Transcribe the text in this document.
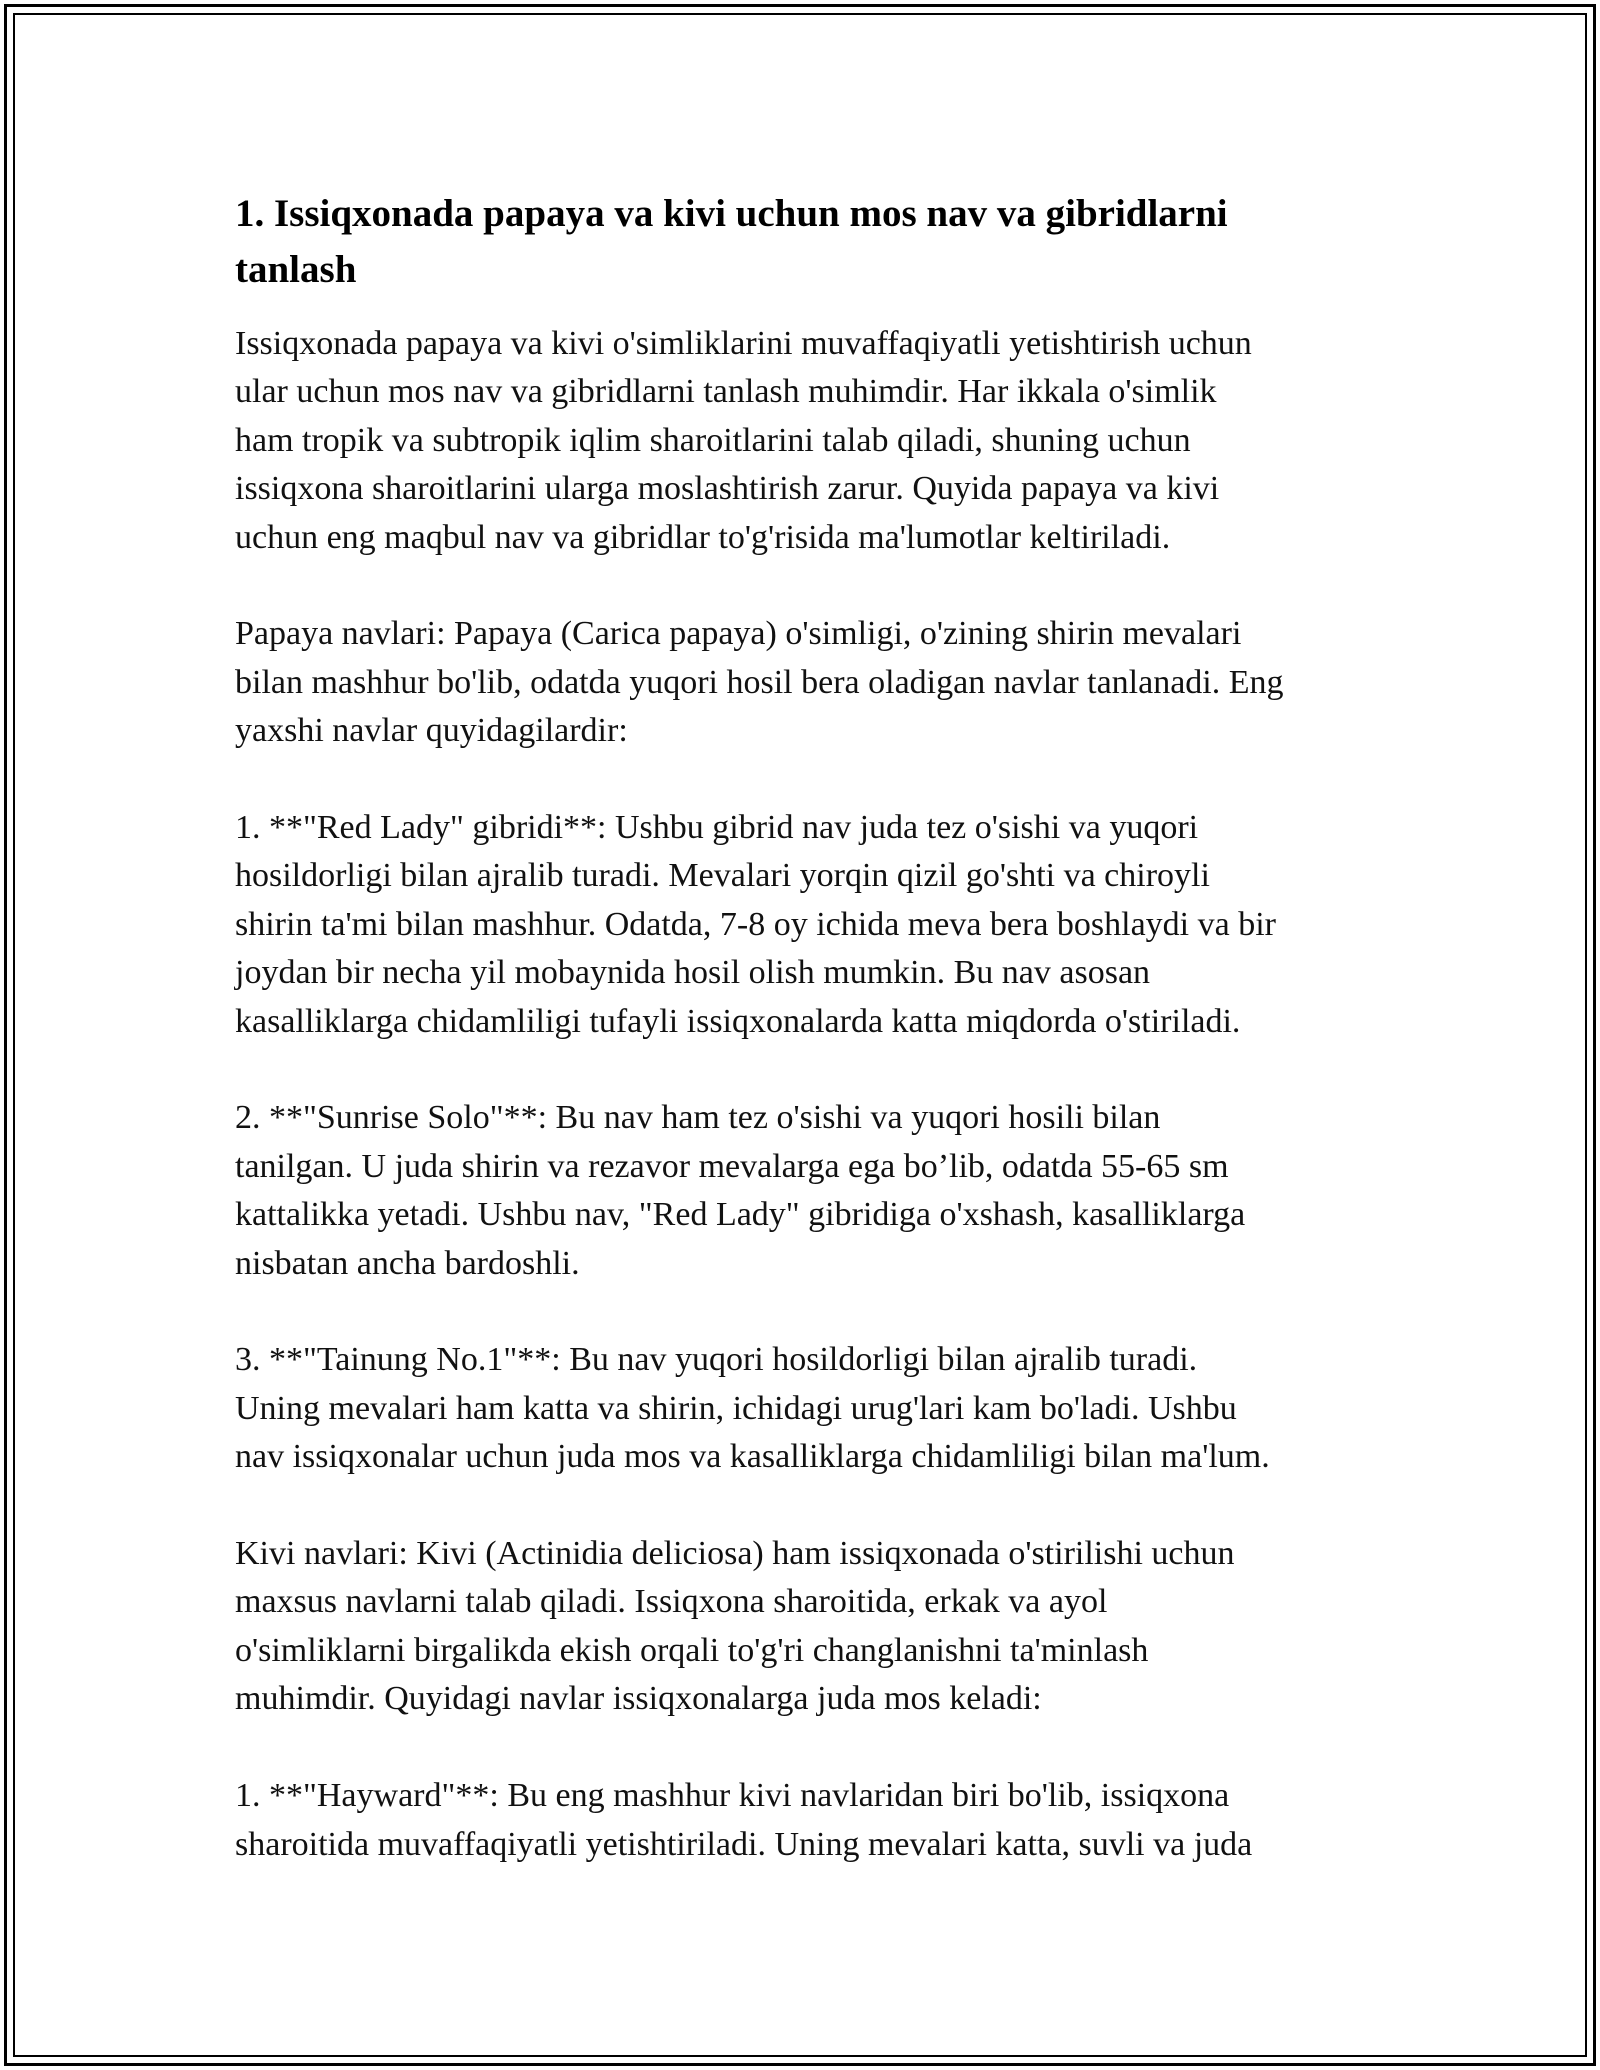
1. Issiqxonada papaya va kivi uchun mos nav va gibridlarni
tanlash

Issiqxonada papaya va kivi o'simliklarini muvaffaqiyatli yetishtirish uchun
ular uchun mos nav va gibridlarni tanlash muhimdir. Har ikkala o'simlik
ham tropik va subtropik iqlim sharoitlarini talab qiladi, shuning uchun
issiqxona sharoitlarini ularga moslashtirish zarur. Quyida papaya va kivi
uchun eng maqbul nav va gibridlar to'g'risida ma'lumotlar keltiriladi.

Papaya navlari: Papaya (Carica papaya) o'simligi, o'zining shirin mevalari
bilan mashhur bo'lib, odatda yuqori hosil bera oladigan navlar tanlanadi. Eng
yaxshi navlar quyidagilardir:

1. **"Red Lady" gibridi**: Ushbu gibrid nav juda tez o'sishi va yuqori
hosildorligi bilan ajralib turadi. Mevalari yorqin qizil go'shti va chiroyli
shirin ta'mi bilan mashhur. Odatda, 7-8 oy ichida meva bera boshlaydi va bir
joydan bir necha yil mobaynida hosil olish mumkin. Bu nav asosan
kasalliklarga chidamliligi tufayli issiqxonalarda katta miqdorda o'stiriladi.

2. **"Sunrise Solo"**: Bu nav ham tez o'sishi va yuqori hosili bilan
tanilgan. U juda shirin va rezavor mevalarga ega bo’lib, odatda 55-65 sm
kattalikka yetadi. Ushbu nav, "Red Lady" gibridiga o'xshash, kasalliklarga
nisbatan ancha bardoshli.

3. **"Tainung No.1"**: Bu nav yuqori hosildorligi bilan ajralib turadi.
Uning mevalari ham katta va shirin, ichidagi urug'lari kam bo'ladi. Ushbu
nav issiqxonalar uchun juda mos va kasalliklarga chidamliligi bilan ma'lum.

Kivi navlari: Kivi (Actinidia deliciosa) ham issiqxonada o'stirilishi uchun
maxsus navlarni talab qiladi. Issiqxona sharoitida, erkak va ayol
o'simliklarni birgalikda ekish orqali to'g'ri changlanishni ta'minlash
muhimdir. Quyidagi navlar issiqxonalarga juda mos keladi:

1. **"Hayward"**: Bu eng mashhur kivi navlaridan biri bo'lib, issiqxona
sharoitida muvaffaqiyatli yetishtiriladi. Uning mevalari katta, suvli va juda
